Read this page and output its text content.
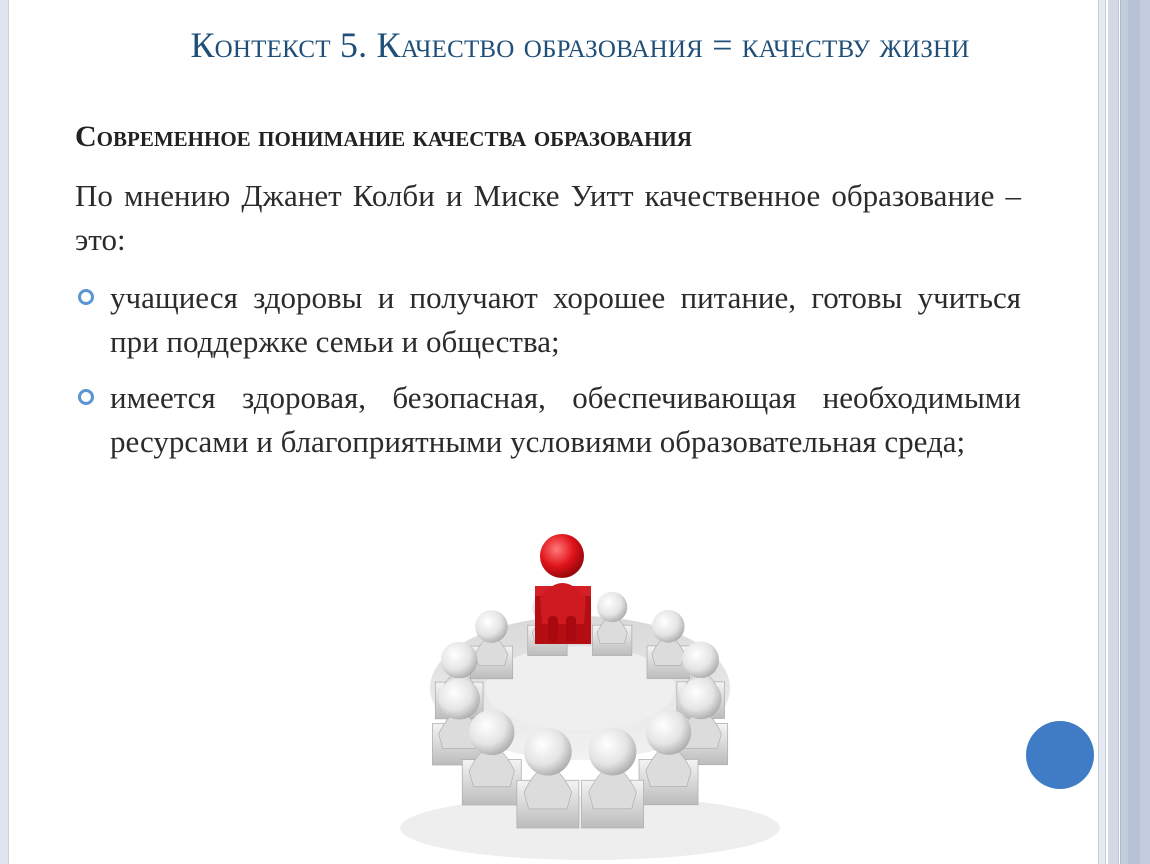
Контекст 5. Качество образования = качеству жизни
Современное понимание качества образования
По мнению Джанет Колби и Миске Уитт качественное образование – это:
учащиеся здоровы и получают хорошее питание, готовы учиться при поддержке семьи и общества;
имеется здоровая, безопасная, обеспечивающая необходимыми ресурсами и благоприятными условиями образовательная среда;
